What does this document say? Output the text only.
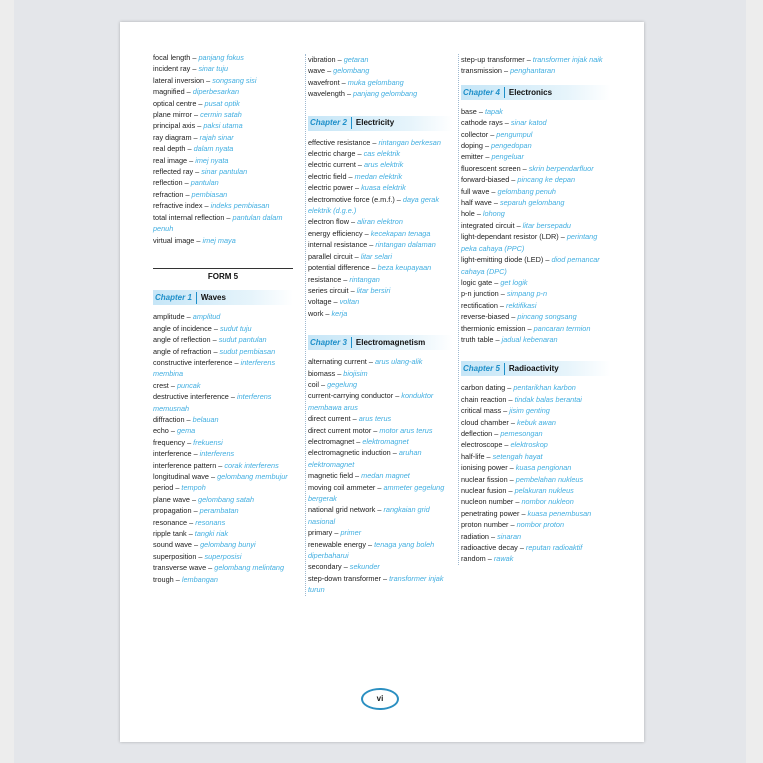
focal length – panjang fokus
incident ray – sinar tuju
lateral inversion – songsang sisi
magnified – diperbesarkan
optical centre – pusat optik
plane mirror – cermin satah
principal axis – paksi utama
ray diagram – rajah sinar
real depth – dalam nyata
real image – imej nyata
reflected ray – sinar pantulan
reflection – pantulan
refraction – pembiasan
refractive index – indeks pembiasan
total internal reflection – pantulan dalam penuh
virtual image – imej maya
FORM 5
Chapter 1	Waves
amplitude – amplitud
angle of incidence – sudut tuju
angle of reflection – sudut pantulan
angle of refraction – sudut pembiasan
constructive interference – interferens membina
crest – puncak
destructive interference – interferens memusnah
diffraction – belauan
echo – gema
frequency – frekuensi
interference – interferens
interference pattern – corak interferens
longitudinal wave – gelombang membujur
period – tempoh
plane wave – gelombang satah
propagation – perambatan
resonance – resonans
ripple tank – tangki riak
sound wave – gelombang bunyi
superposition – superposisi
transverse wave – gelombang melintang
trough – lembangan
vibration – getaran
wave – gelombang
wavefront – muka gelombang
wavelength – panjang gelombang
Chapter 2	Electricity
effective resistance – rintangan berkesan
electric charge – cas elektrik
electric current – arus elektrik
electric field – medan elektrik
electric power – kuasa elektrik
electromotive force (e.m.f.) – daya gerak elektrik (d.g.e.)
electron flow – aliran elektron
energy efficiency – kecekapan tenaga
internal resistance – rintangan dalaman
parallel circuit – litar selari
potential difference – beza keupayaan
resistance – rintangan
series circuit – litar bersiri
voltage – voltan
work – kerja
Chapter 3	Electromagnetism
alternating current – arus ulang-alik
biomass – biojisim
coil – gegelung
current-carrying conductor – konduktor membawa arus
direct current – arus terus
direct current motor – motor arus terus
electromagnet – elektromagnet
electromagnetic induction – aruhan elektromagnet
magnetic field – medan magnet
moving coil ammeter – ammeter gegelung bergerak
national grid network – rangkaian grid nasional
primary – primer
renewable energy – tenaga yang boleh diperbaharui
secondary – sekunder
step-down transformer – transformer injak turun
step-up transformer – transformer injak naik
transmission – penghantaran
Chapter 4	Electronics
base – tapak
cathode rays – sinar katod
collector – pengumpul
doping – pengedopan
emitter – pengeluar
fluorescent screen – skrin berpendarfluor
forward-biased – pincang ke depan
full wave – gelombang penuh
half wave – separuh gelombang
hole – lohong
integrated circuit – litar bersepadu
light-dependant resistor (LDR) – perintang peka cahaya (PPC)
light-emitting diode (LED) – diod pemancar cahaya (DPC)
logic gate – get logik
p-n junction – simpang p-n
rectification – rektifikasi
reverse-biased – pincang songsang
thermionic emission – pancaran termion
truth table – jadual kebenaran
Chapter 5	Radioactivity
carbon dating – pentarikhan karbon
chain reaction – tindak balas berantai
critical mass – jisim genting
cloud chamber – kebuk awan
deflection – pemesongan
electroscope – elektroskop
half-life – setengah hayat
ionising power – kuasa pengionan
nuclear fission – pembelahan nukleus
nuclear fusion – pelakuran nukleus
nucleon number – nombor nukleon
penetrating power – kuasa penembusan
proton number – nombor proton
radiation – sinaran
radioactive decay – reputan radioaktif
random – rawak
vi
